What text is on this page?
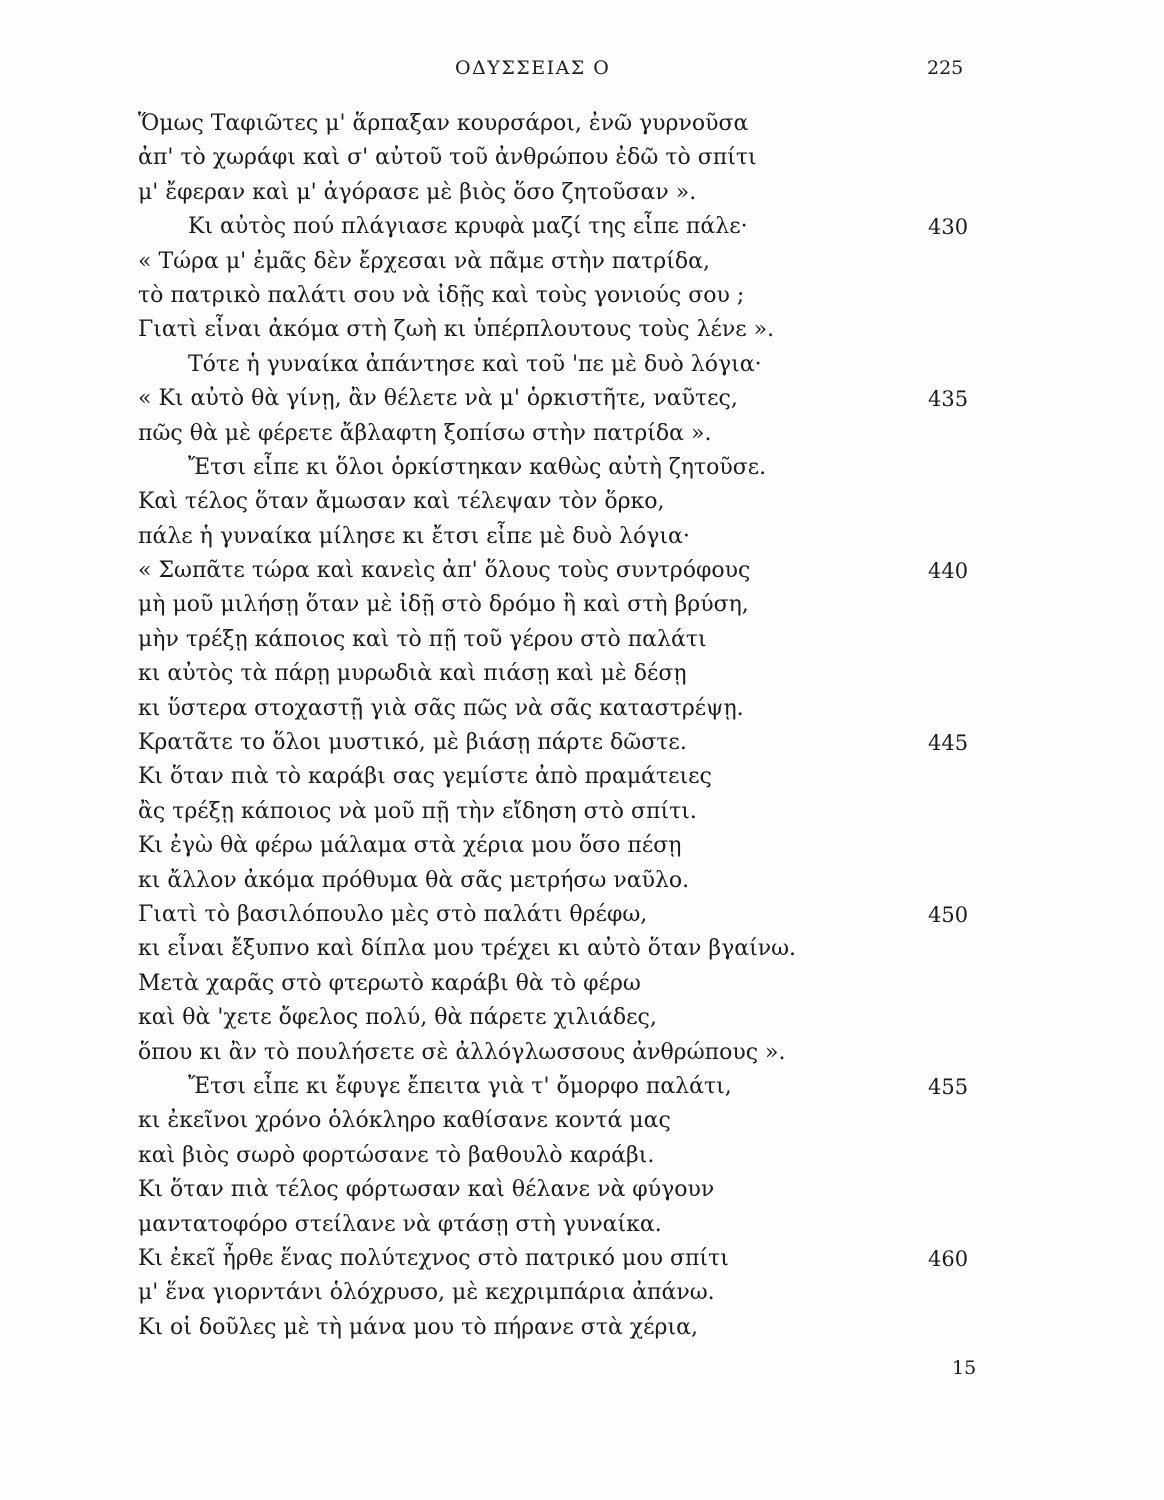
ΟΔΥΣΣΕΙΑΣ Ο	225
Ὅμως Ταφιῶτες μ' ἅρπαξαν κουρσάροι, ἐνῶ γυρνοῦσα
ἀπ' τὸ χωράφι καὶ σ' αὐτοῦ τοῦ ἀνθρώπου ἐδῶ τὸ σπίτι
μ' ἔφεραν καὶ μ' ἀγόρασε μὲ βιὸς ὅσο ζητοῦσαν ».
Κι αὐτὸς πού πλάγιασε κρυφὰ μαζί της εἶπε πάλε·	430
« Τώρα μ' ἐμᾶς δὲν ἔρχεσαι νὰ πᾶμε στὴν πατρίδα,
τὸ πατρικὸ παλάτι σου νὰ ἰδῇς καὶ τοὺς γονιούς σου ;
Γιατὶ εἶναι ἀκόμα στὴ ζωὴ κι ὑπέρπλουτους τοὺς λένε ».
Τότε ἡ γυναίκα ἀπάντησε καὶ τοῦ 'πε μὲ δυὸ λόγια·
« Κι αὐτὸ θὰ γίνῃ, ἂν θέλετε νὰ μ' ὁρκιστῆτε, ναῦτες,	435
πῶς θὰ μὲ φέρετε ἄβλαφτη ξοπίσω στὴν πατρίδα ».
Ἔτσι εἶπε κι ὅλοι ὁρκίστηκαν καθὼς αὐτὴ ζητοῦσε.
Καὶ τέλος ὅταν ἄμωσαν καὶ τέλεψαν τὸν ὅρκο,
πάλε ἡ γυναίκα μίλησε κι ἔτσι εἶπε μὲ δυὸ λόγια·
« Σωπᾶτε τώρα καὶ κανεὶς ἀπ' ὅλους τοὺς συντρόφους	440
μὴ μοῦ μιλήσῃ ὅταν μὲ ἰδῇ στὸ δρόμο ἢ καὶ στὴ βρύση,
μὴν τρέξῃ κάποιος καὶ τὸ πῇ τοῦ γέρου στὸ παλάτι
κι αὐτὸς τὰ πάρῃ μυρωδιὰ καὶ πιάσῃ καὶ μὲ δέσῃ
κι ὕστερα στοχαστῇ γιὰ σᾶς πῶς νὰ σᾶς καταστρέψῃ.
Κρατᾶτε το ὅλοι μυστικό, μὲ βιάσῃ πάρτε δῶστε.	445
Κι ὅταν πιὰ τὸ καράβι σας γεμίστε ἀπὸ πραμάτειες
ἂς τρέξῃ κάποιος νὰ μοῦ πῇ τὴν εἴδηση στὸ σπίτι.
Κι ἐγὼ θὰ φέρω μάλαμα στὰ χέρια μου ὅσο πέσῃ
κι ἄλλον ἀκόμα πρόθυμα θὰ σᾶς μετρήσω ναῦλο.
Γιατὶ τὸ βασιλόπουλο μὲς στὸ παλάτι θρέφω,	450
κι εἶναι ἔξυπνο καὶ δίπλα μου τρέχει κι αὐτὸ ὅταν βγαίνω.
Μετὰ χαρᾶς στὸ φτερωτὸ καράβι θὰ τὸ φέρω
καὶ θὰ 'χετε ὄφελος πολύ, θὰ πάρετε χιλιάδες,
ὅπου κι ἂν τὸ πουλήσετε σὲ ἀλλόγλωσσους ἀνθρώπους ».
Ἔτσι εἶπε κι ἔφυγε ἔπειτα γιὰ τ' ὄμορφο παλάτι,	455
κι ἐκεῖνοι χρόνο ὁλόκληρο καθίσανε κοντά μας
καὶ βιὸς σωρὸ φορτώσανε τὸ βαθουλὸ καράβι.
Κι ὅταν πιὰ τέλος φόρτωσαν καὶ θέλανε νὰ φύγουν
μαντατοφόρο στείλανε νὰ φτάσῃ στὴ γυναίκα.
Κι ἐκεῖ ἦρθε ἕνας πολύτεχνος στὸ πατρικό μου σπίτι	460
μ' ἕνα γιορντάνι ὁλόχρυσο, μὲ κεχριμπάρια ἀπάνω.
Κι οἱ δοῦλες μὲ τὴ μάνα μου τὸ πήρανε στὰ χέρια,
15
